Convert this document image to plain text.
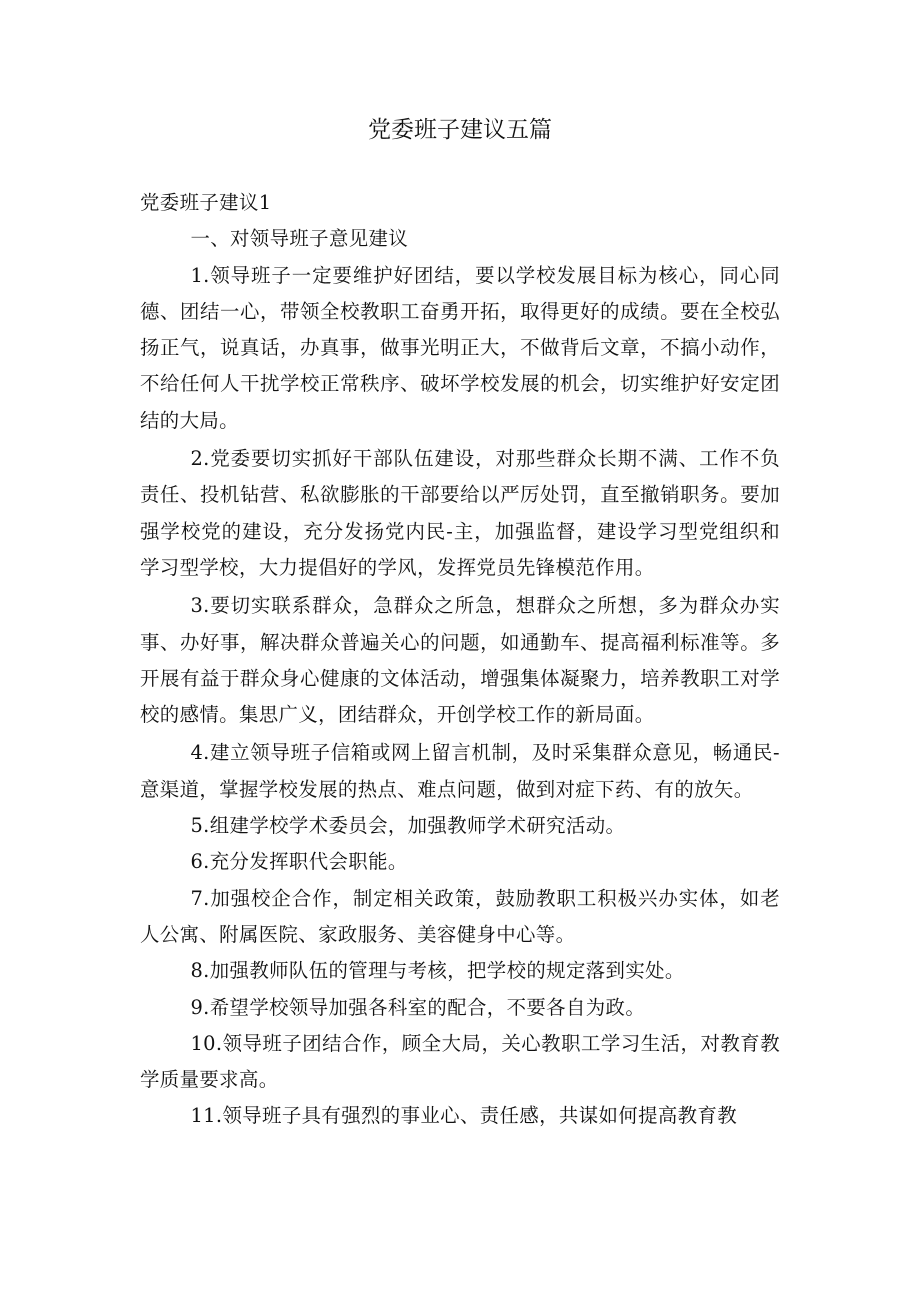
党委班子建议五篇

党委班子建议1

一、对领导班子意见建议

1.领导班子一定要维护好团结，要以学校发展目标为核心，同心同德、团结一心，带领全校教职工奋勇开拓，取得更好的成绩。要在全校弘扬正气，说真话，办真事，做事光明正大，不做背后文章，不搞小动作，不给任何人干扰学校正常秩序、破坏学校发展的机会，切实维护好安定团结的大局。

2.党委要切实抓好干部队伍建设，对那些群众长期不满、工作不负责任、投机钻营、私欲膨胀的干部要给以严厉处罚，直至撤销职务。要加强学校党的建设，充分发扬党内民-主，加强监督，建设学习型党组织和学习型学校，大力提倡好的学风，发挥党员先锋模范作用。

3.要切实联系群众，急群众之所急，想群众之所想，多为群众办实事、办好事，解决群众普遍关心的问题，如通勤车、提高福利标准等。多开展有益于群众身心健康的文体活动，增强集体凝聚力，培养教职工对学校的感情。集思广义，团结群众，开创学校工作的新局面。

4.建立领导班子信箱或网上留言机制，及时采集群众意见，畅通民-意渠道，掌握学校发展的热点、难点问题，做到对症下药、有的放矢。

5.组建学校学术委员会，加强教师学术研究活动。

6.充分发挥职代会职能。

7.加强校企合作，制定相关政策，鼓励教职工积极兴办实体，如老人公寓、附属医院、家政服务、美容健身中心等。

8.加强教师队伍的管理与考核，把学校的规定落到实处。

9.希望学校领导加强各科室的配合，不要各自为政。

10.领导班子团结合作，顾全大局，关心教职工学习生活，对教育教学质量要求高。

11.领导班子具有强烈的事业心、责任感，共谋如何提高教育教
